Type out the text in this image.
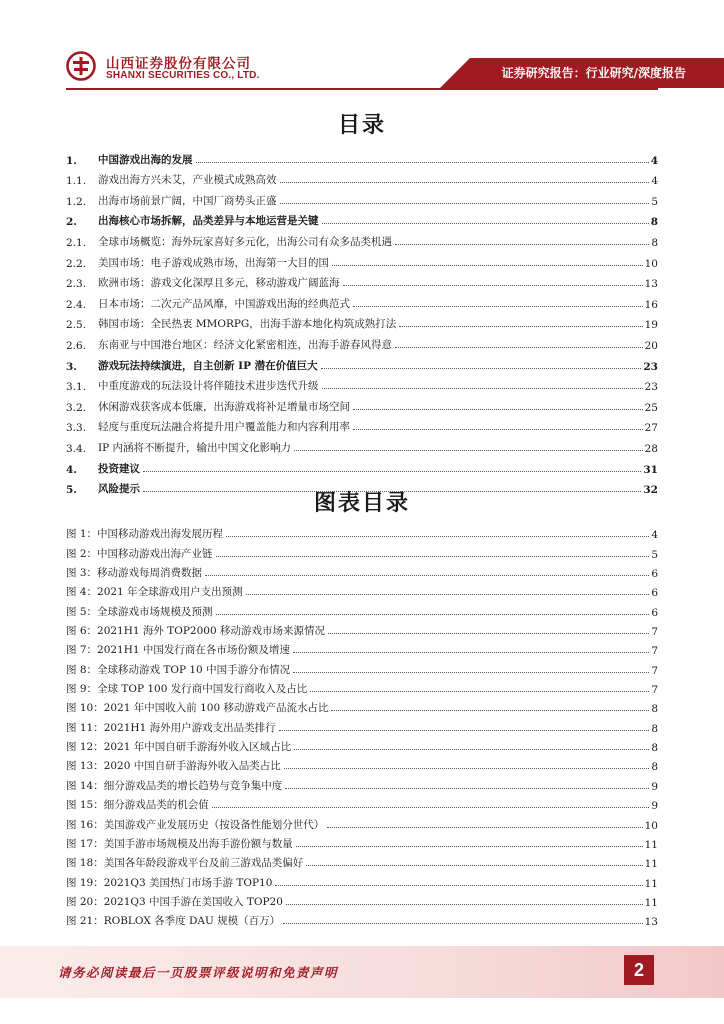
山西证券股份有限公司
SHANXI SECURITIES CO., LTD.	证券研究报告：行业研究/深度报告
目录
1.	中国游戏出海的发展	4
1.1.	游戏出海方兴未艾，产业模式成熟高效	4
1.2.	出海市场前景广阔，中国厂商势头正盛	5
2.	出海核心市场拆解，品类差异与本地运营是关键	8
2.1.	全球市场概览：海外玩家喜好多元化，出海公司有众多品类机遇	8
2.2.	美国市场：电子游戏成熟市场，出海第一大目的国	10
2.3.	欧洲市场：游戏文化深厚且多元，移动游戏广阔蓝海	13
2.4.	日本市场：二次元产品风靡，中国游戏出海的经典范式	16
2.5.	韩国市场：全民热衷 MMORPG，出海手游本地化构筑成熟打法	19
2.6.	东南亚与中国港台地区：经济文化紧密相连，出海手游春风得意	20
3.	游戏玩法持续演进，自主创新 IP 潜在价值巨大	23
3.1.	中重度游戏的玩法设计将伴随技术进步迭代升级	23
3.2.	休闲游戏获客成本低廉，出海游戏将补足增量市场空间	25
3.3.	轻度与重度玩法融合将提升用户覆盖能力和内容利用率	27
3.4.	IP 内涵将不断提升，输出中国文化影响力	28
4.	投资建议	31
5.	风险提示	32
图表目录
图 1：中国移动游戏出海发展历程	4
图 2：中国移动游戏出海产业链	5
图 3：移动游戏每周消费数据	6
图 4：2021 年全球游戏用户支出预测	6
图 5：全球游戏市场规模及预测	6
图 6：2021H1 海外 TOP2000 移动游戏市场来源情况	7
图 7：2021H1 中国发行商在各市场份额及增速	7
图 8：全球移动游戏 TOP 10 中国手游分布情况	7
图 9：全球 TOP 100 发行商中国发行商收入及占比	7
图 10：2021 年中国收入前 100 移动游戏产品流水占比	8
图 11：2021H1 海外用户游戏支出品类排行	8
图 12：2021 年中国自研手游海外收入区域占比	8
图 13：2020 中国自研手游海外收入品类占比	8
图 14：细分游戏品类的增长趋势与竞争集中度	9
图 15：细分游戏品类的机会值	9
图 16：美国游戏产业发展历史（按设备性能划分世代）	10
图 17：美国手游市场规模及出海手游份额与数量	11
图 18：美国各年龄段游戏平台及前三游戏品类偏好	11
图 19：2021Q3 美国热门市场手游 TOP10	11
图 20：2021Q3 中国手游在美国收入 TOP20	11
图 21：ROBLOX 各季度 DAU 规模（百万）	13
请务必阅读最后一页股票评级说明和免责声明	2
